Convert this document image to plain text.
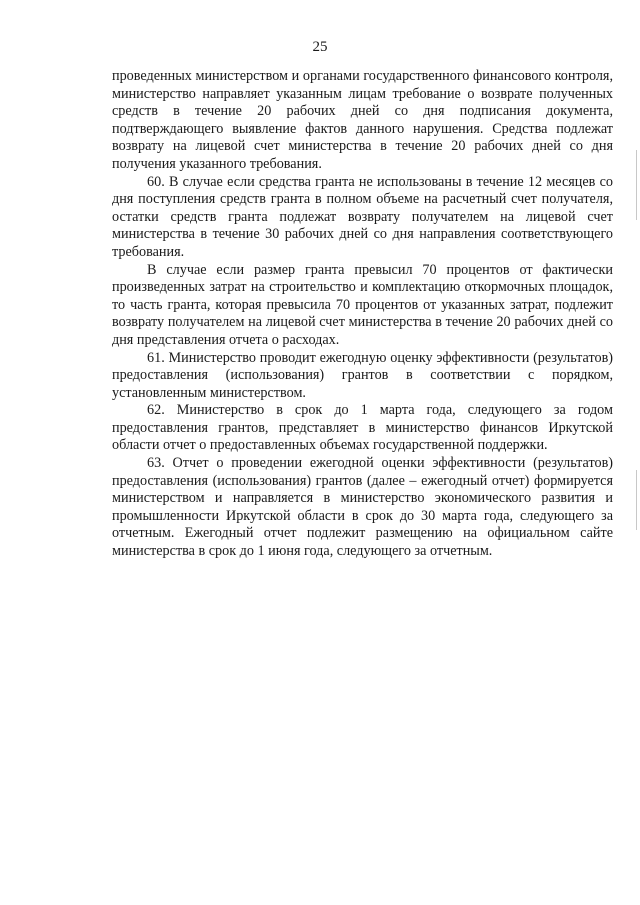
25

проведенных министерством и органами государственного финансового контроля, министерство направляет указанным лицам требование о возврате полученных средств в течение 20 рабочих дней со дня подписания документа, подтверждающего выявление фактов данного нарушения. Средства подлежат возврату на лицевой счет министерства в течение 20 рабочих дней со дня получения указанного требования.

60. В случае если средства гранта не использованы в течение 12 месяцев со дня поступления средств гранта в полном объеме на расчетный счет получателя, остатки средств гранта подлежат возврату получателем на лицевой счет министерства в течение 30 рабочих дней со дня направления соответствующего требования.

В случае если размер гранта превысил 70 процентов от фактически произведенных затрат на строительство и комплектацию откормочных площадок, то часть гранта, которая превысила 70 процентов от указанных затрат, подлежит возврату получателем на лицевой счет министерства в течение 20 рабочих дней со дня представления отчета о расходах.

61. Министерство проводит ежегодную оценку эффективности (результатов) предоставления (использования) грантов в соответствии с порядком, установленным министерством.

62. Министерство в срок до 1 марта года, следующего за годом предоставления грантов, представляет в министерство финансов Иркутской области отчет о предоставленных объемах государственной поддержки.

63. Отчет о проведении ежегодной оценки эффективности (результатов) предоставления (использования) грантов (далее – ежегодный отчет) формируется министерством и направляется в министерство экономического развития и промышленности Иркутской области в срок до 30 марта года, следующего за отчетным. Ежегодный отчет подлежит размещению на официальном сайте министерства в срок до 1 июня года, следующего за отчетным.
